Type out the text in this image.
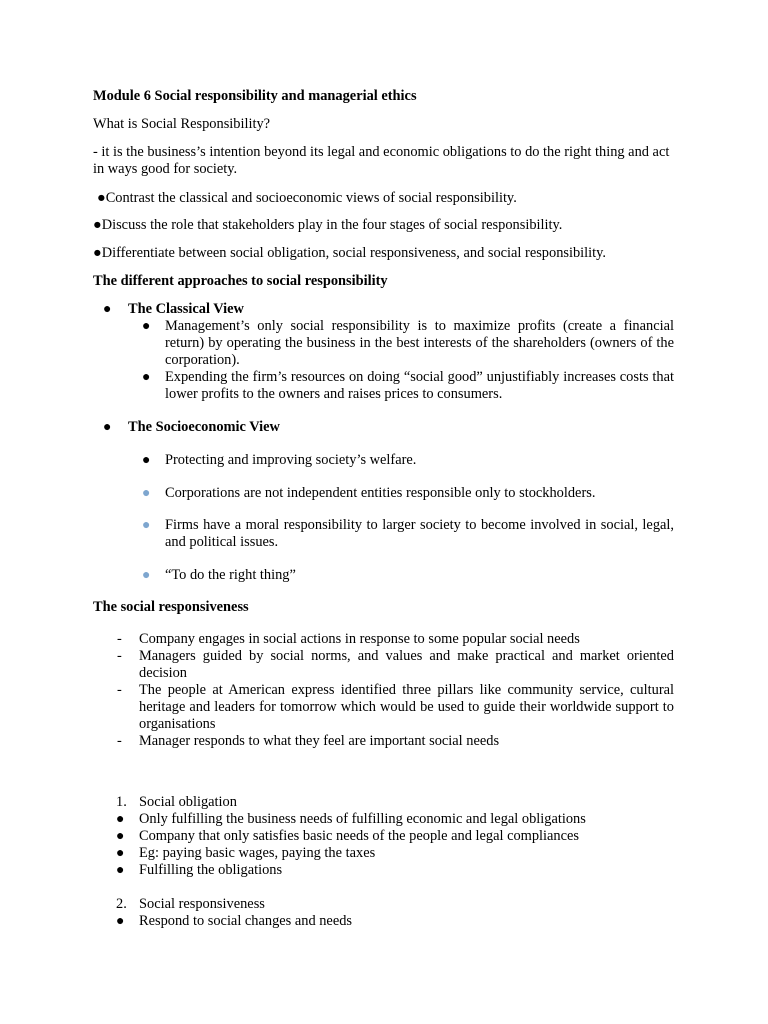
Module 6 Social responsibility and managerial ethics
What is Social Responsibility?
- it is the business’s intention beyond its legal and economic obligations to do the right thing and act in ways good for society.
●Contrast the classical and socioeconomic views of social responsibility.
●Discuss the role that stakeholders play in the four stages of social responsibility.
●Differentiate between social obligation, social responsiveness, and social responsibility.
The different approaches to social responsibility
● The Classical View
● Management’s only social responsibility is to maximize profits (create a financial return) by operating the business in the best interests of the shareholders (owners of the corporation).
● Expending the firm’s resources on doing “social good” unjustifiably increases costs that lower profits to the owners and raises prices to consumers.
● The Socioeconomic View
● Protecting and improving society’s welfare.
● Corporations are not independent entities responsible only to stockholders.
● Firms have a moral responsibility to larger society to become involved in social, legal, and political issues.
● “To do the right thing”
The social responsiveness
- Company engages in social actions in response to some popular social needs
- Managers guided by social norms, and values and make practical and market oriented decision
- The people at American express identified three pillars like community service, cultural heritage and leaders for tomorrow which would be used to guide their worldwide support to organisations
- Manager responds to what they feel are important social needs
1. Social obligation
● Only fulfilling the business needs of fulfilling economic and legal obligations
● Company that only satisfies basic needs of the people and legal compliances
● Eg: paying basic wages, paying the taxes
● Fulfilling the obligations
2. Social responsiveness
● Respond to social changes and needs
